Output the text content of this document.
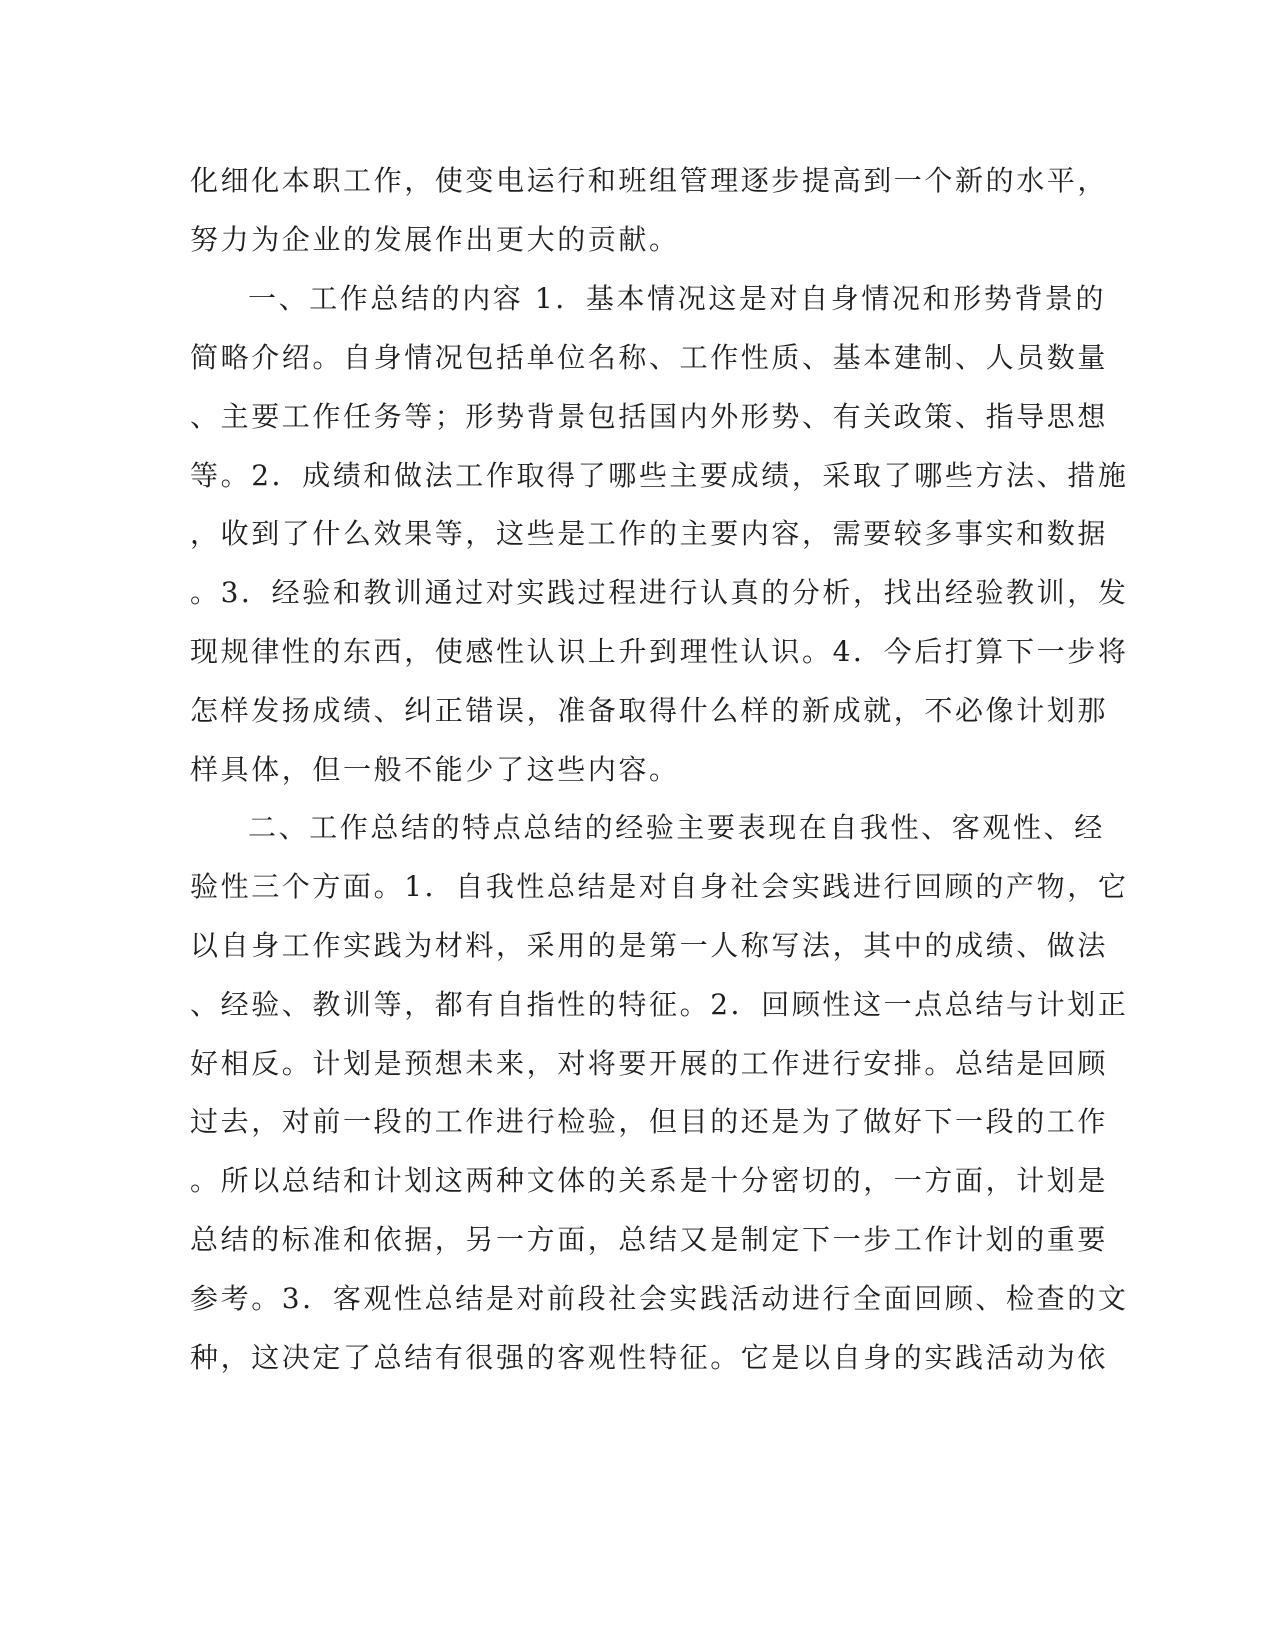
化细化本职工作，使变电运行和班组管理逐步提高到一个新的水平，
努力为企业的发展作出更大的贡献。
一、工作总结的内容 1．基本情况这是对自身情况和形势背景的
简略介绍。自身情况包括单位名称、工作性质、基本建制、人员数量
、主要工作任务等；形势背景包括国内外形势、有关政策、指导思想
等。2．成绩和做法工作取得了哪些主要成绩，采取了哪些方法、措施
，收到了什么效果等，这些是工作的主要内容，需要较多事实和数据
。3．经验和教训通过对实践过程进行认真的分析，找出经验教训，发
现规律性的东西，使感性认识上升到理性认识。4．今后打算下一步将
怎样发扬成绩、纠正错误，准备取得什么样的新成就，不必像计划那
样具体，但一般不能少了这些内容。
二、工作总结的特点总结的经验主要表现在自我性、客观性、经
验性三个方面。1．自我性总结是对自身社会实践进行回顾的产物，它
以自身工作实践为材料，采用的是第一人称写法，其中的成绩、做法
、经验、教训等，都有自指性的特征。2．回顾性这一点总结与计划正
好相反。计划是预想未来，对将要开展的工作进行安排。总结是回顾
过去，对前一段的工作进行检验，但目的还是为了做好下一段的工作
。所以总结和计划这两种文体的关系是十分密切的，一方面，计划是
总结的标准和依据，另一方面，总结又是制定下一步工作计划的重要
参考。3．客观性总结是对前段社会实践活动进行全面回顾、检查的文
种，这决定了总结有很强的客观性特征。它是以自身的实践活动为依
